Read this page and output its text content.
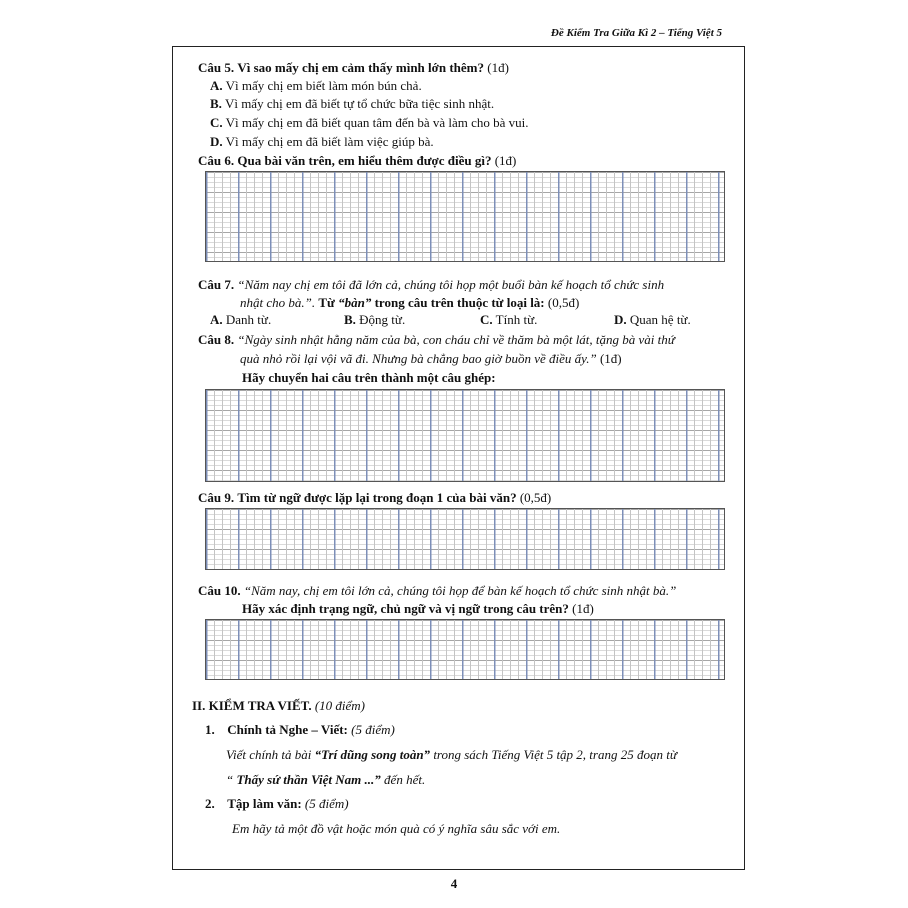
Đề Kiểm Tra Giữa Kì 2 – Tiếng Việt 5
Câu 5. Vì sao mấy chị em cảm thấy mình lớn thêm? (1đ)
A. Vì mấy chị em biết làm món bún chả.
B. Vì mấy chị em đã biết tự tổ chức bữa tiệc sinh nhật.
C. Vì mấy chị em đã biết quan tâm đến bà và làm cho bà vui.
D. Vì mấy chị em đã biết làm việc giúp bà.
Câu 6. Qua bài văn trên, em hiểu thêm được điều gì? (1đ)
Câu 7. “Năm nay chị em tôi đã lớn cả, chúng tôi họp một buổi bàn kế hoạch tổ chức sinh
nhật cho bà.”. Từ “bàn” trong câu trên thuộc từ loại là: (0,5đ)
A. Danh từ.	B. Động từ.	C. Tính từ.	D. Quan hệ từ.
Câu 8. “Ngày sinh nhật hằng năm của bà, con cháu chỉ về thăm bà một lát, tặng bà vài thứ
quà nhỏ rồi lại vội vã đi. Nhưng bà chẳng bao giờ buồn về điều ấy.” (1đ)
Hãy chuyển hai câu trên thành một câu ghép:
Câu 9. Tìm từ ngữ được lặp lại trong đoạn 1 của bài văn? (0,5đ)
Câu 10. “Năm nay, chị em tôi lớn cả, chúng tôi họp để bàn kế hoạch tổ chức sinh nhật bà.”
Hãy xác định trạng ngữ, chủ ngữ và vị ngữ trong câu trên? (1đ)
II. KIỂM TRA VIẾT. (10 điểm)
1. Chính tả Nghe – Viết: (5 điểm)
Viết chính tả bài “Trí dũng song toàn” trong sách Tiếng Việt 5 tập 2, trang 25 đoạn từ
“ Thấy sứ thần Việt Nam ...” đến hết.
2. Tập làm văn: (5 điểm)
Em hãy tả một đồ vật hoặc món quà có ý nghĩa sâu sắc với em.
4
